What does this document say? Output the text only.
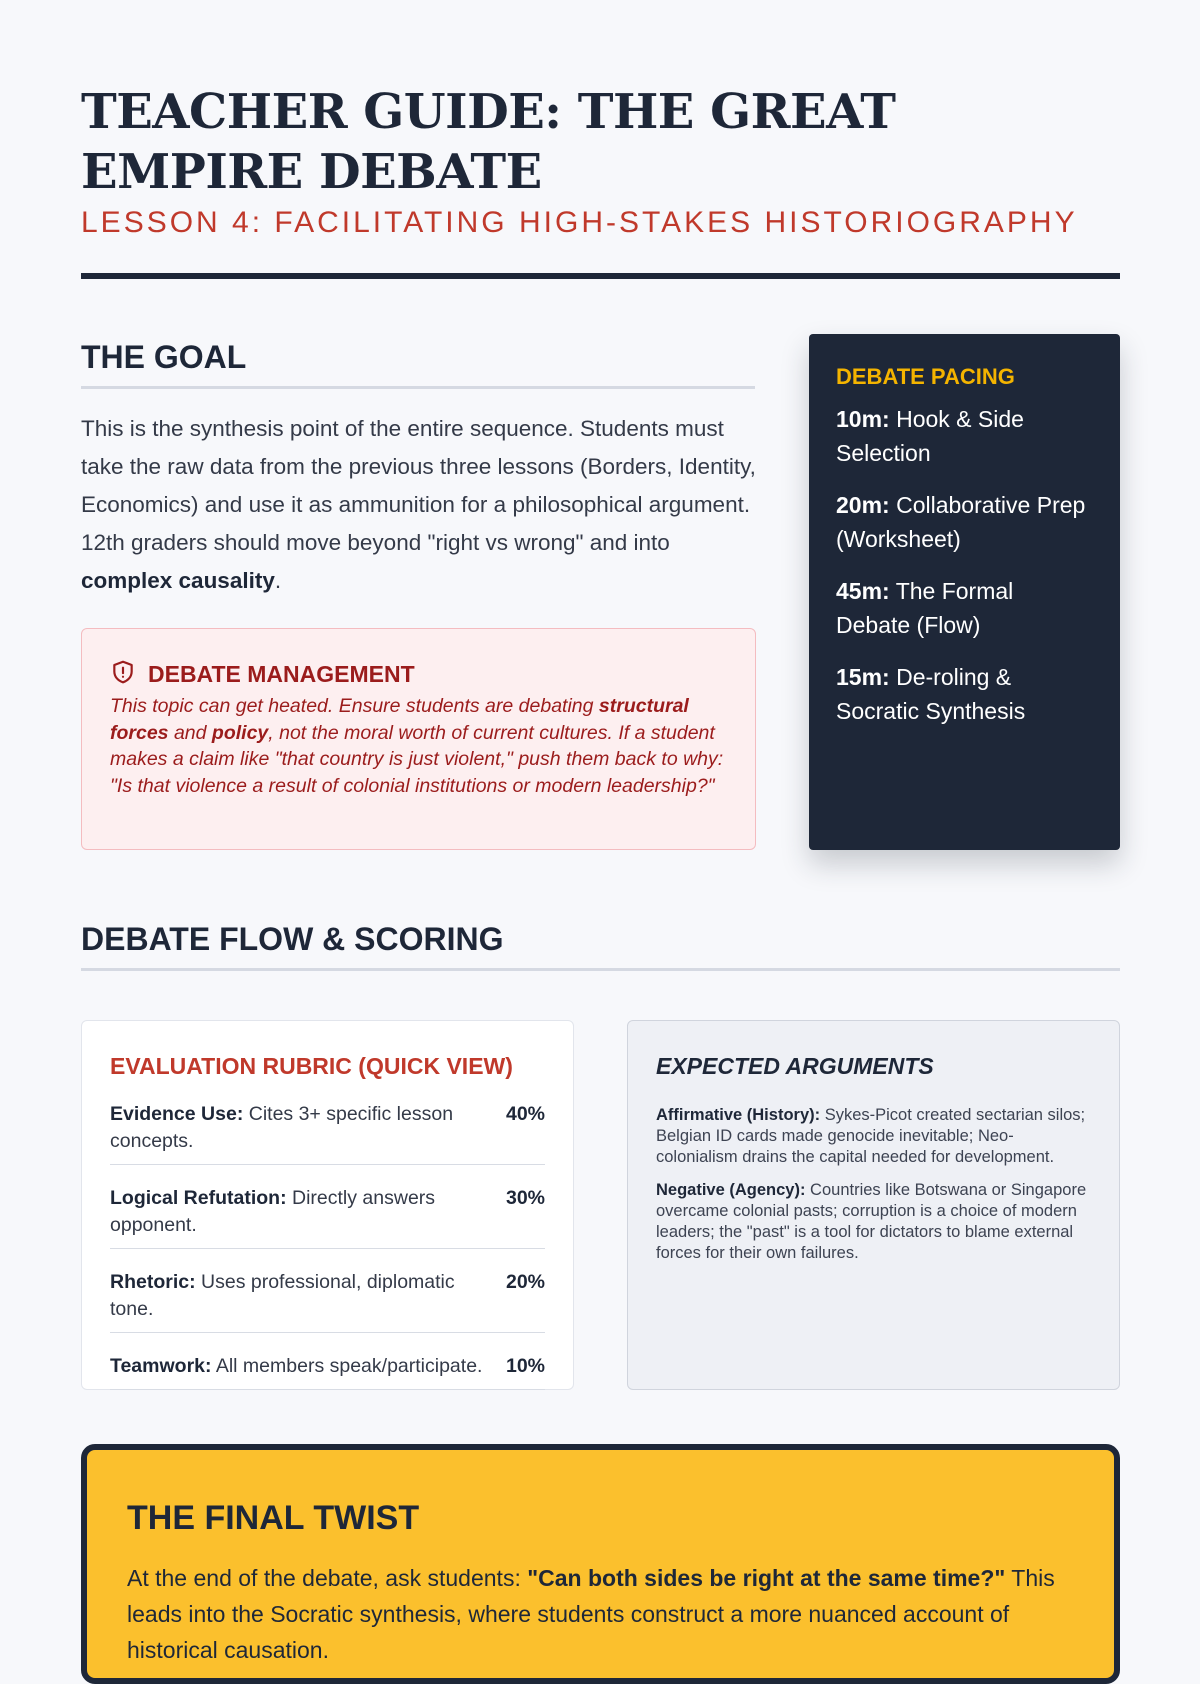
TEACHER GUIDE: THE GREAT EMPIRE DEBATE
LESSON 4: FACILITATING HIGH-STAKES HISTORIOGRAPHY
THE GOAL

This is the synthesis point of the entire sequence. Students must take the raw data from the previous three lessons (Borders, Identity, Economics) and use it as ammunition for a philosophical argument. 12th graders should move beyond "right vs wrong" and into complex causality.

DEBATE MANAGEMENT

This topic can get heated. Ensure students are debating structural forces and policy, not the moral worth of current cultures. If a student makes a claim like "that country is just violent," push them back to why: "Is that violence a result of colonial institutions or modern leadership?"

DEBATE PACING
10m: Hook & Side Selection
20m: Collaborative Prep (Worksheet)
45m: The Formal Debate (Flow)
15m: De-roling & Socratic Synthesis
DEBATE FLOW & SCORING
EVALUATION RUBRIC (QUICK VIEW)
Evidence Use: Cites 3+ specific lesson concepts.
40%
Logical Refutation: Directly answers opponent.
30%
Rhetoric: Uses professional, diplomatic tone.
20%
Teamwork: All members speak/participate.	10%
EXPECTED ARGUMENTS

Affirmative (History): Sykes-Picot created sectarian silos; Belgian ID cards made genocide inevitable; Neo-colonialism drains the capital needed for development.

Negative (Agency): Countries like Botswana or Singapore overcame colonial pasts; corruption is a choice of modern leaders; the "past" is a tool for dictators to blame external forces for their own failures.

THE FINAL TWIST

At the end of the debate, ask students: "Can both sides be right at the same time?" This leads into the Socratic synthesis, where students construct a more nuanced account of historical causation.
